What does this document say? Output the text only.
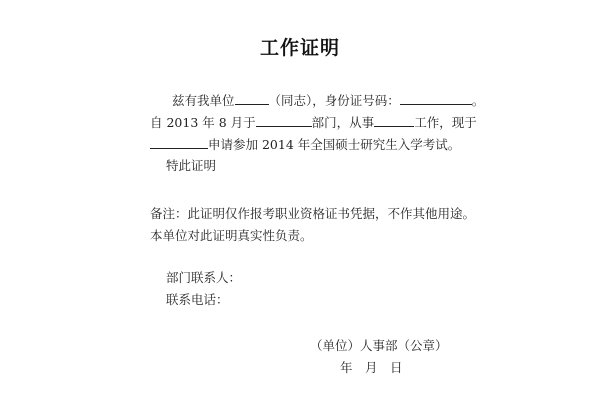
工作证明
兹有我单位	（同志），身份证号码：	。
自 2013 年 8 月于	部门，从事	工作，现于
申请参加 2014 年全国硕士研究生入学考试。
特此证明
备注：此证明仅作报考职业资格证书凭据，不作其他用途。
本单位对此证明真实性负责。
部门联系人：
联系电话：
（单位）人事部（公章）
年　月　日
